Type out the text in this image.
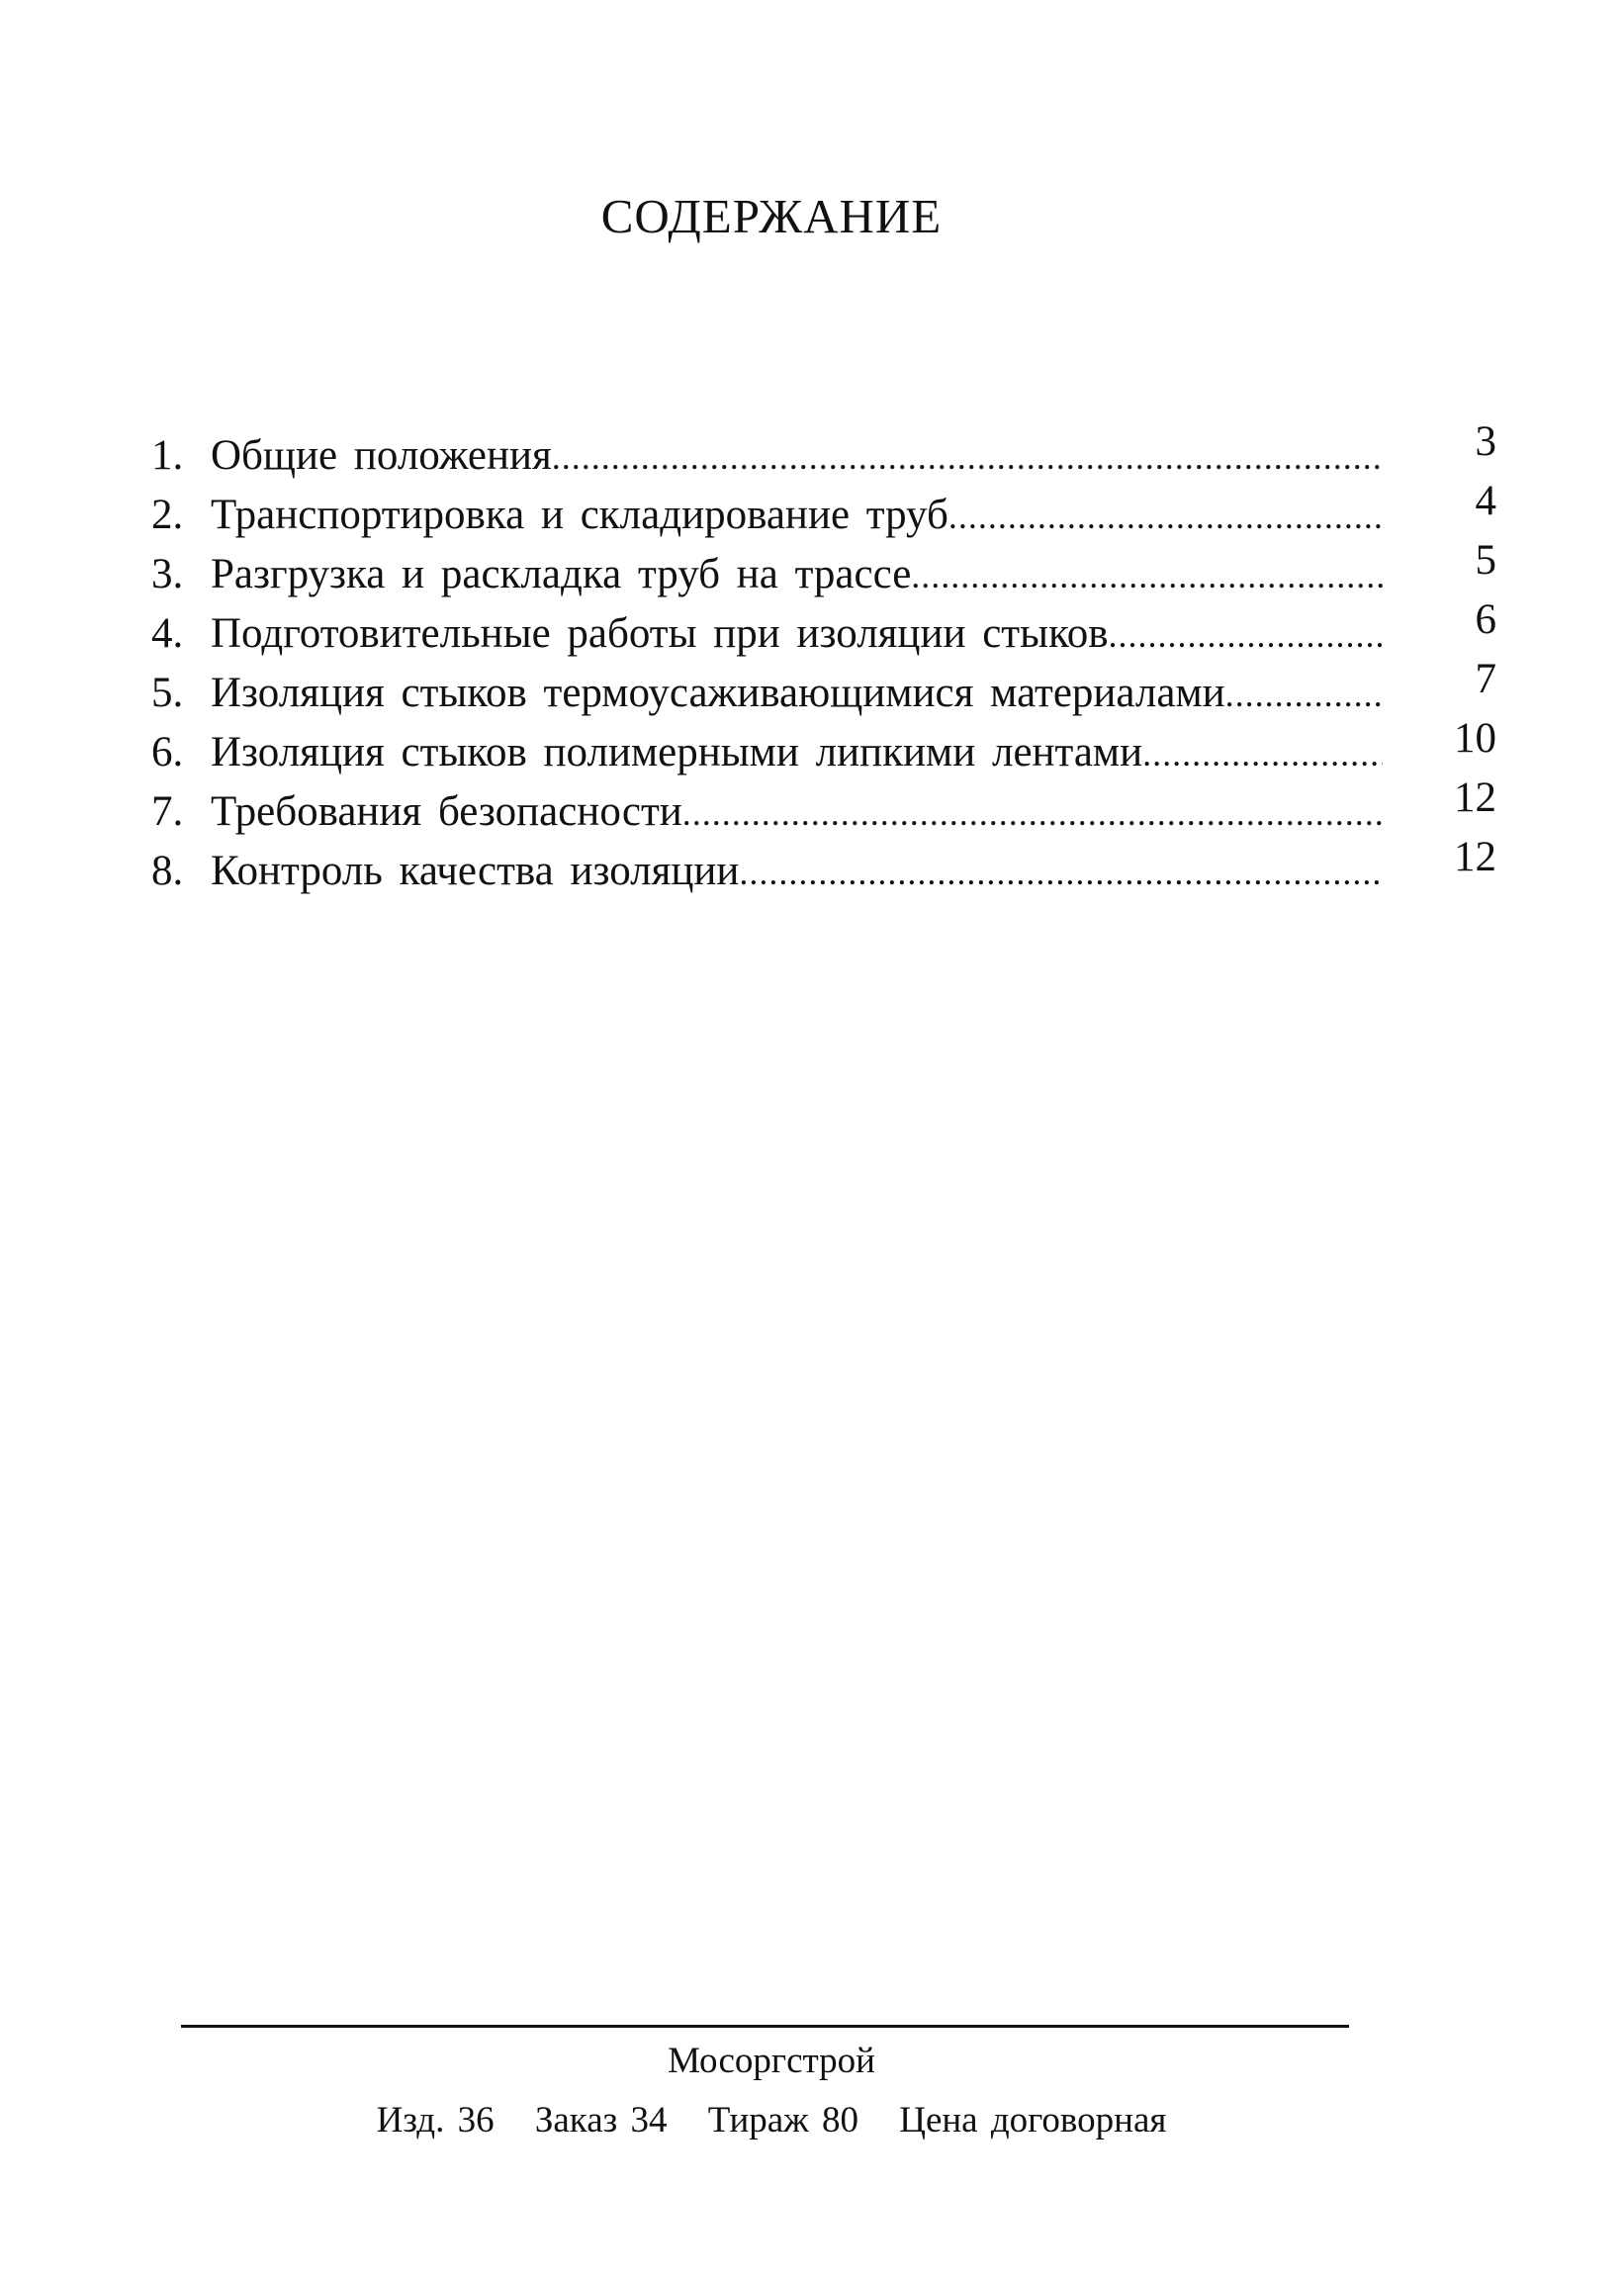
СОДЕРЖАНИЕ
1. Общие положения .....	3
2. Транспортировка и складирование труб .....	4
3. Разгрузка и раскладка труб на трассе .....	5
4. Подготовительные работы при изоляции стыков .....	6
5. Изоляция стыков термоусаживающимися материалами .....	7
6. Изоляция стыков полимерными липкими лентами .....	10
7. Требования безопасности .....	12
8. Контроль качества изоляции .....	12
Мосоргстрой
Изд. 36 Заказ 34 Тираж 80 Цена договорная
